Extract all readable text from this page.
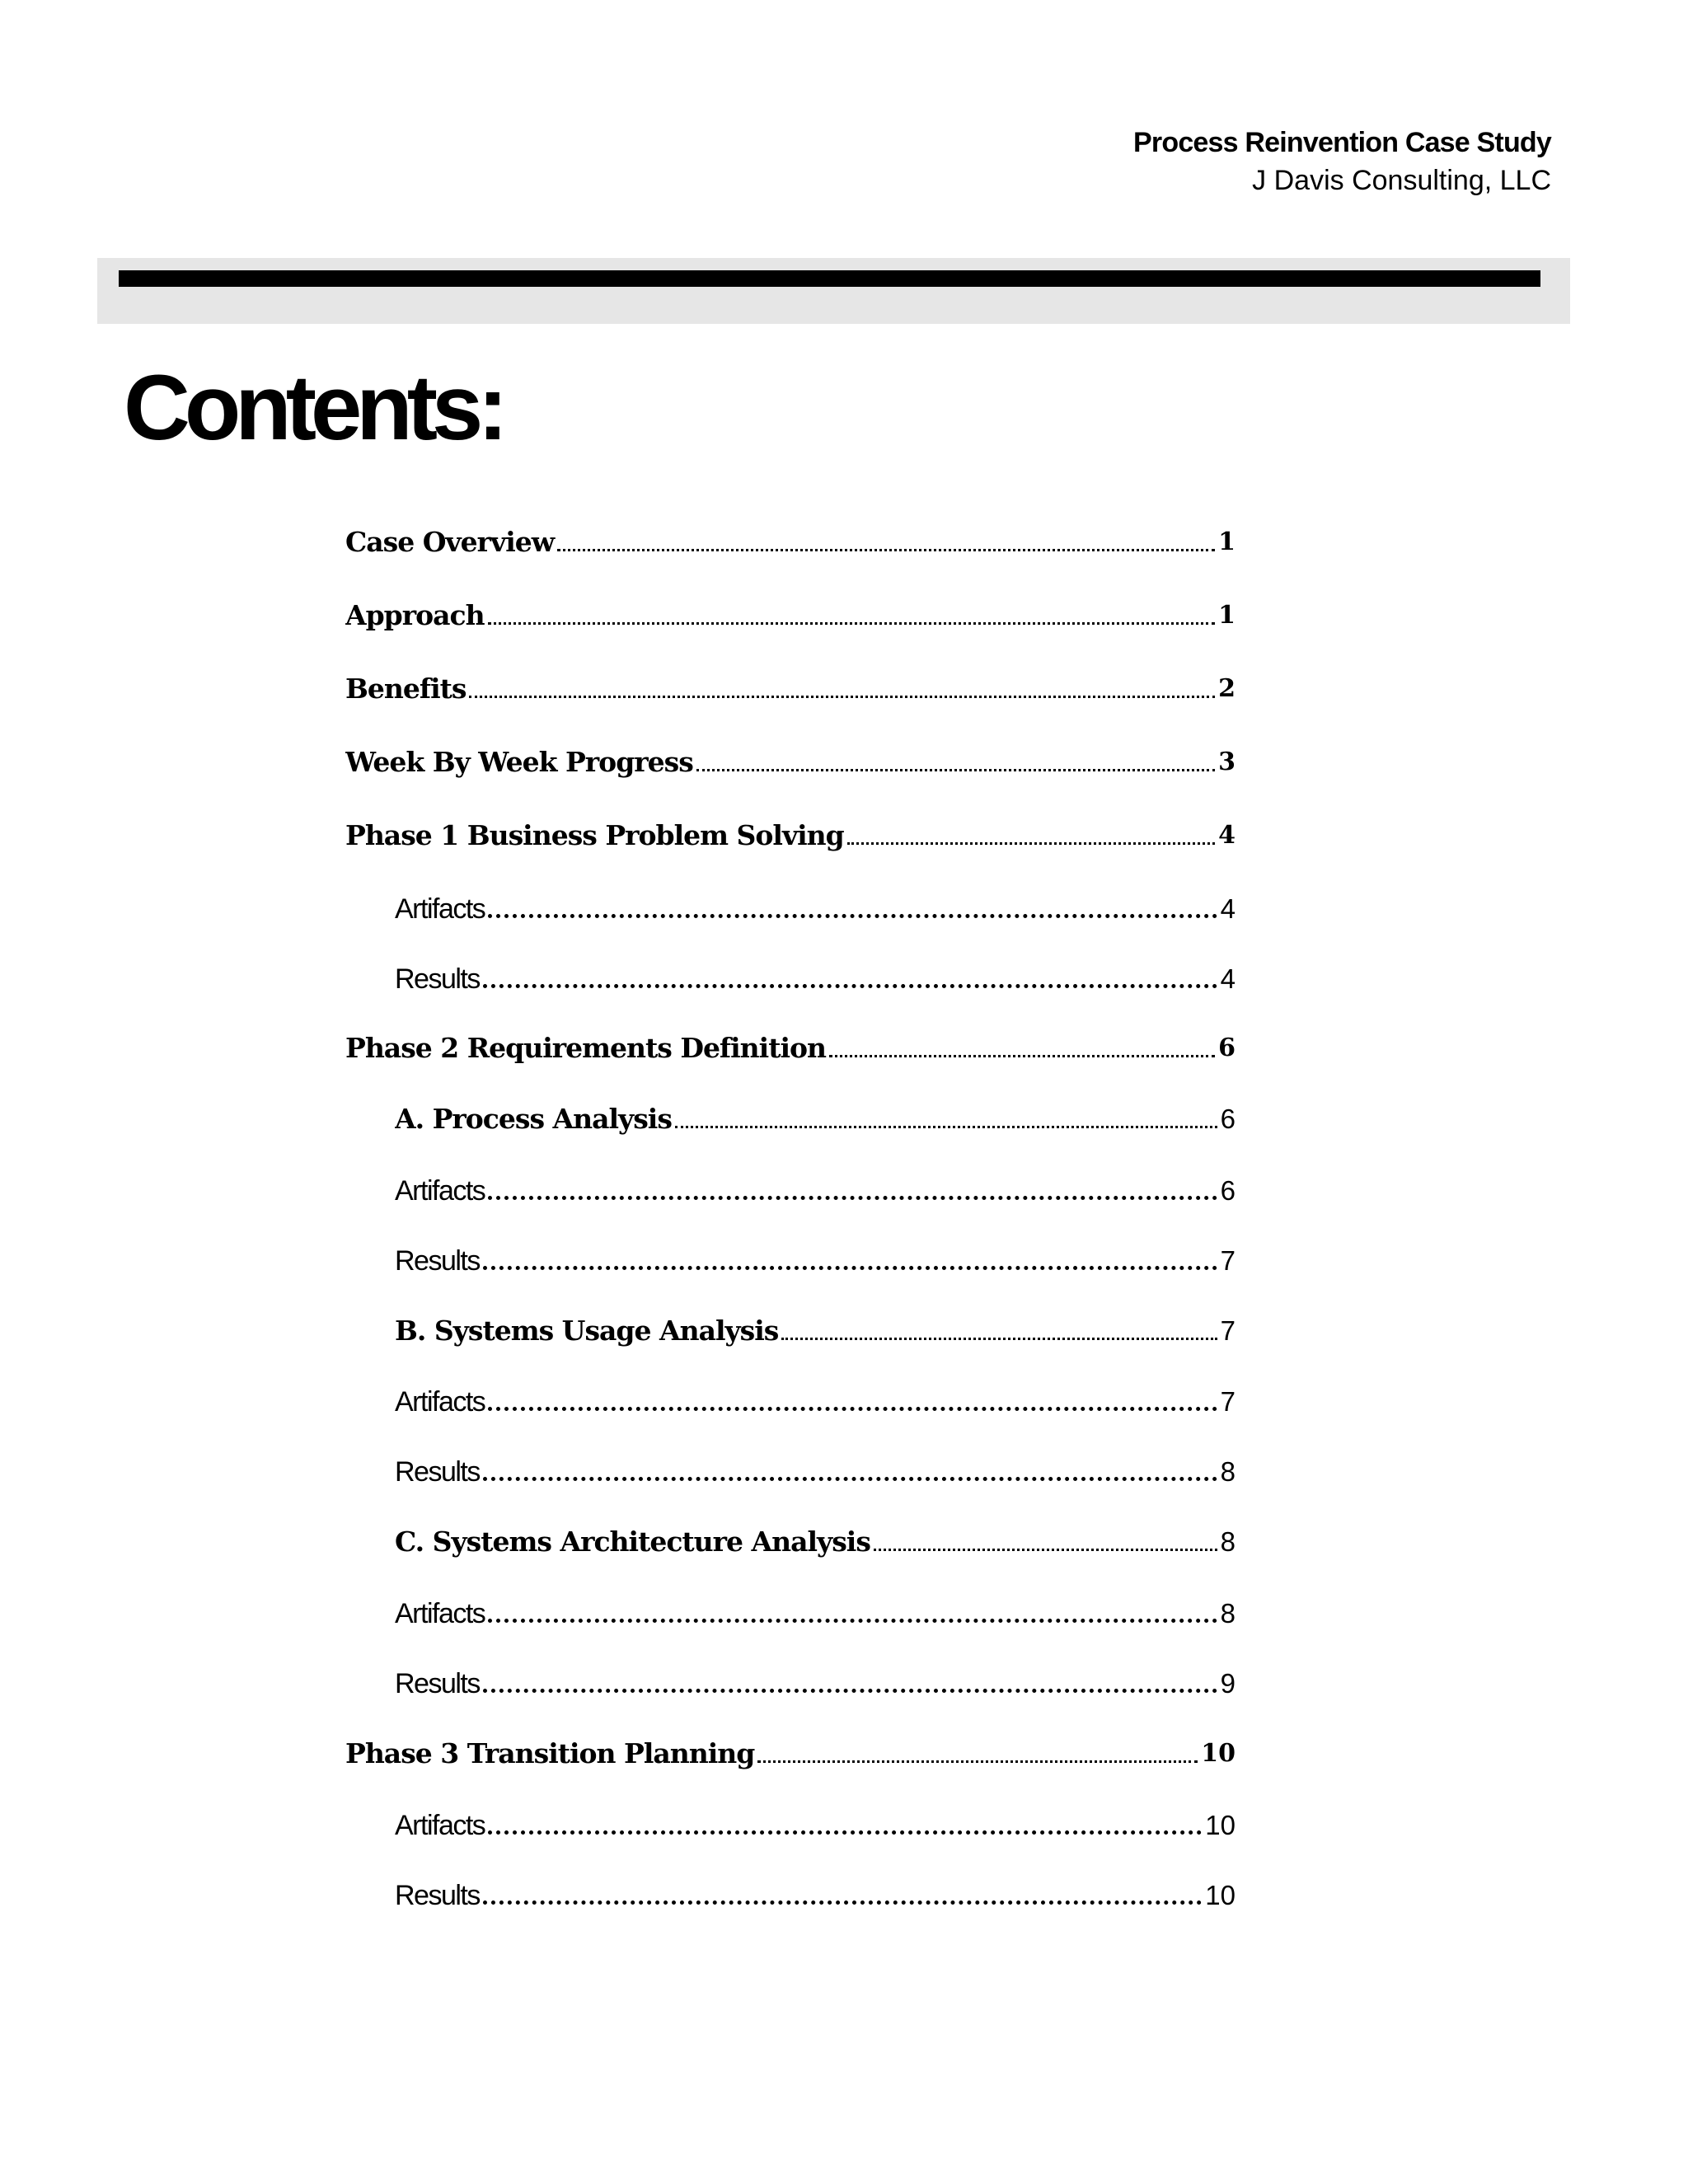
Process Reinvention Case Study
J Davis Consulting, LLC
Contents:
Case Overview	1
Approach	1
Benefits	2
Week By Week Progress	3
Phase 1 Business Problem Solving	4
Artifacts	4
Results	4
Phase 2 Requirements Definition	6
A. Process Analysis	6
Artifacts	6
Results	7
B. Systems Usage Analysis	7
Artifacts	7
Results	8
C. Systems Architecture Analysis	8
Artifacts	8
Results	9
Phase 3 Transition Planning	10
Artifacts	10
Results	10
